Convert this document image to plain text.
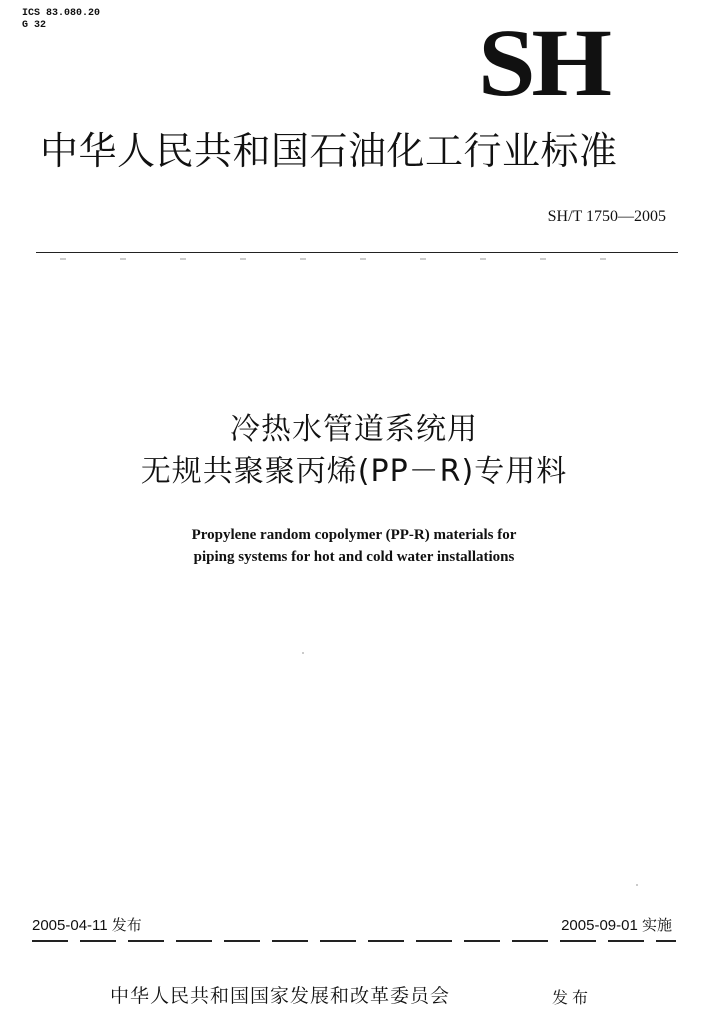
ICS 83.080.20
G 32	SH
中华人民共和国石油化工行业标准
SH/T 1750—2005
冷热水管道系统用
无规共聚聚丙烯(PP－R)专用料
Propylene random copolymer (PP-R) materials for
piping systems for hot and cold water installations
2005-04-11 发布	2005-09-01 实施
中华人民共和国国家发展和改革委员会	发布
